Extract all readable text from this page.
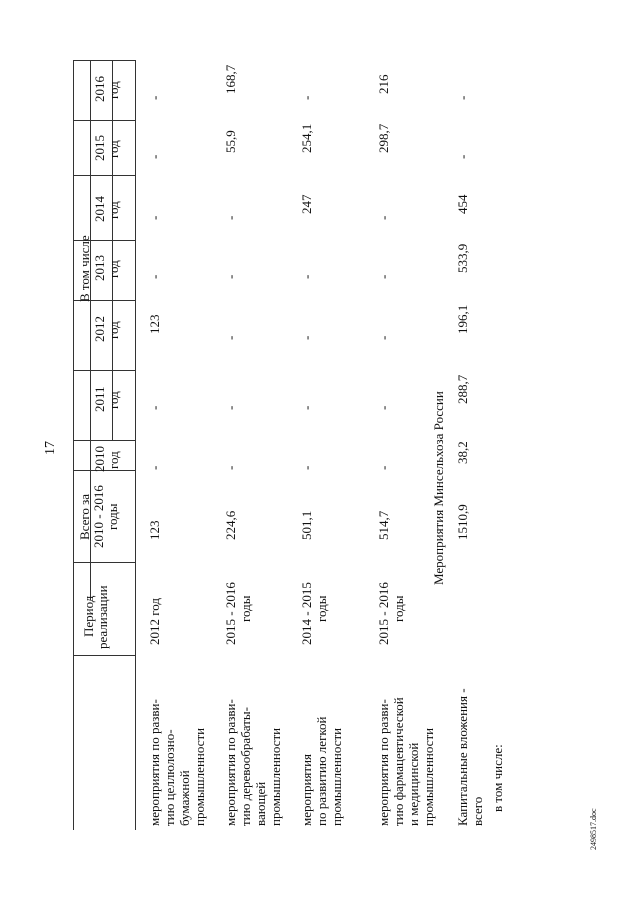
17
2498517.doc
Период реализации
Всего за 2010 - 2016 годы
В том числе
2010 год
2011 год
2012 год
2013 год
2014 год
2015 год
2016 год
мероприятия по разви- тию целлюлозно- бумажной промышленности
2012 год
123
-
-
123
-
-
-
-
мероприятия по разви- тию деревообрабаты- вающей промышленности
2015 - 2016 годы
224,6
-
-
-
-
-
55,9
168,7
мероприятия по развитию легкой промышленности
2014 - 2015 годы
501,1
-
-
-
-
247
254,1
-
мероприятия по разви- тию фармацевтической и медицинской промышленности
2015 - 2016 годы
514,7
-
-
-
-
-
298,7
216
Мероприятия Минсельхоза России
Капитальные вложения - всего
1510,9
38,2
288,7
196,1
533,9
454
-
-
в том числе:
